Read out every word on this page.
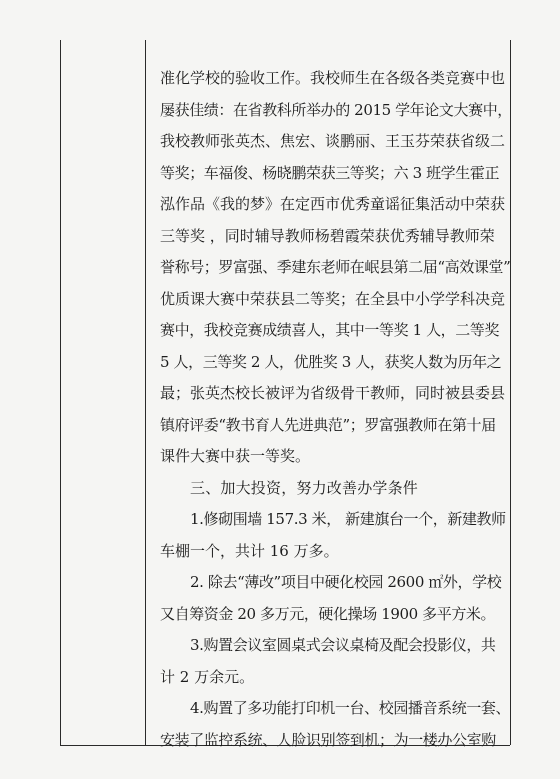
准化学校的验收工作。我校师生在各级各类竞赛中也
屡获佳绩：在省教科所举办的 2015 学年论文大赛中，
我校教师张英杰、焦宏、谈鹏丽、王玉芬荣获省级二
等奖；车福俊、杨晓鹏荣获三等奖；六 3 班学生霍正
泓作品《我的梦》在定西市优秀童谣征集活动中荣获
三等奖 ，同时辅导教师杨碧霞荣获优秀辅导教师荣
誉称号；罗富强、季建东老师在岷县第二届“高效课堂”
优质课大赛中荣获县二等奖；在全县中小学学科决竞
赛中，我校竞赛成绩喜人，其中一等奖 1 人，二等奖
5 人，三等奖 2 人，优胜奖 3 人，获奖人数为历年之
最；张英杰校长被评为省级骨干教师，同时被县委县
镇府评委“教书育人先进典范”；罗富强教师在第十届
课件大赛中获一等奖。
三、加大投资，努力改善办学条件
1.修砌围墙 157.3 米， 新建旗台一个，新建教师
车棚一个，共计 16 万多。
2. 除去“薄改”项目中硬化校园 2600 ㎡外，学校
又自筹资金 20 多万元，硬化操场 1900 多平方米。
3.购置会议室圆桌式会议桌椅及配会投影仪，共
计 2 万余元。
4.购置了多功能打印机一台、校园播音系统一套、
安装了监控系统、人脸识别签到机；为一楼办公室购
